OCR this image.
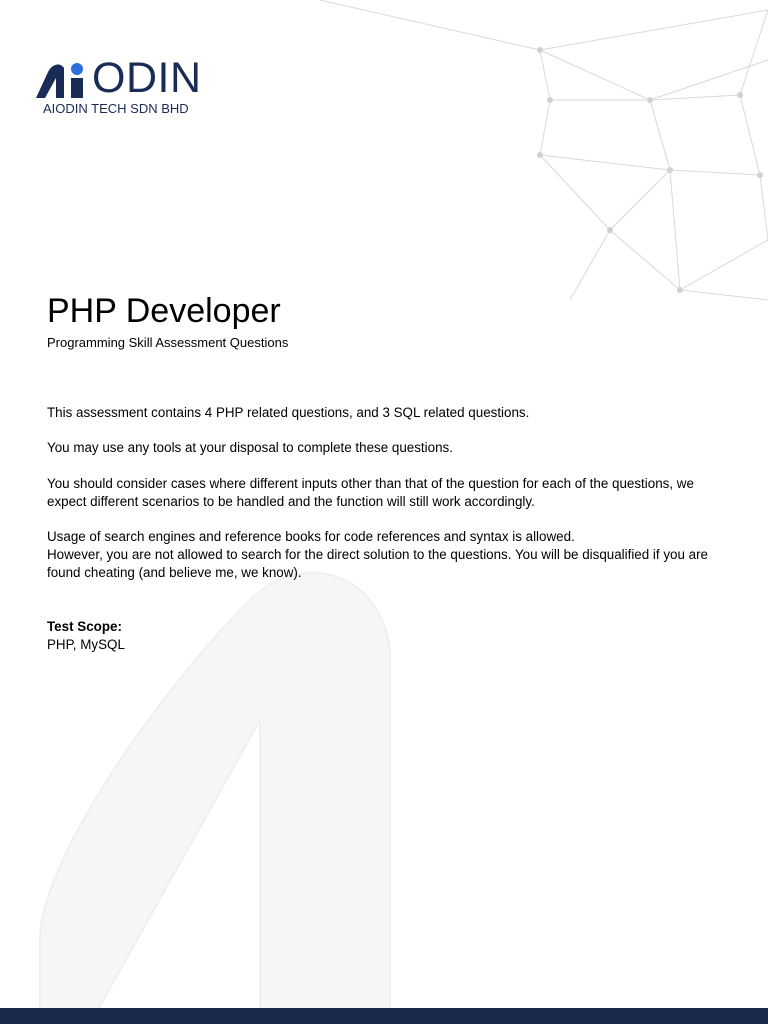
ODIN
AIODIN TECH SDN BHD
PHP Developer

Programming Skill Assessment Questions

This assessment contains 4 PHP related questions, and 3 SQL related questions.

You may use any tools at your disposal to complete these questions.

You should consider cases where different inputs other than that of the question for each of the questions, we expect different scenarios to be handled and the function will still work accordingly.

Usage of search engines and reference books for code references and syntax is allowed.
However, you are not allowed to search for the direct solution to the questions. You will be disqualified if you are found cheating (and believe me, we know).

Test Scope:

PHP, MySQL
